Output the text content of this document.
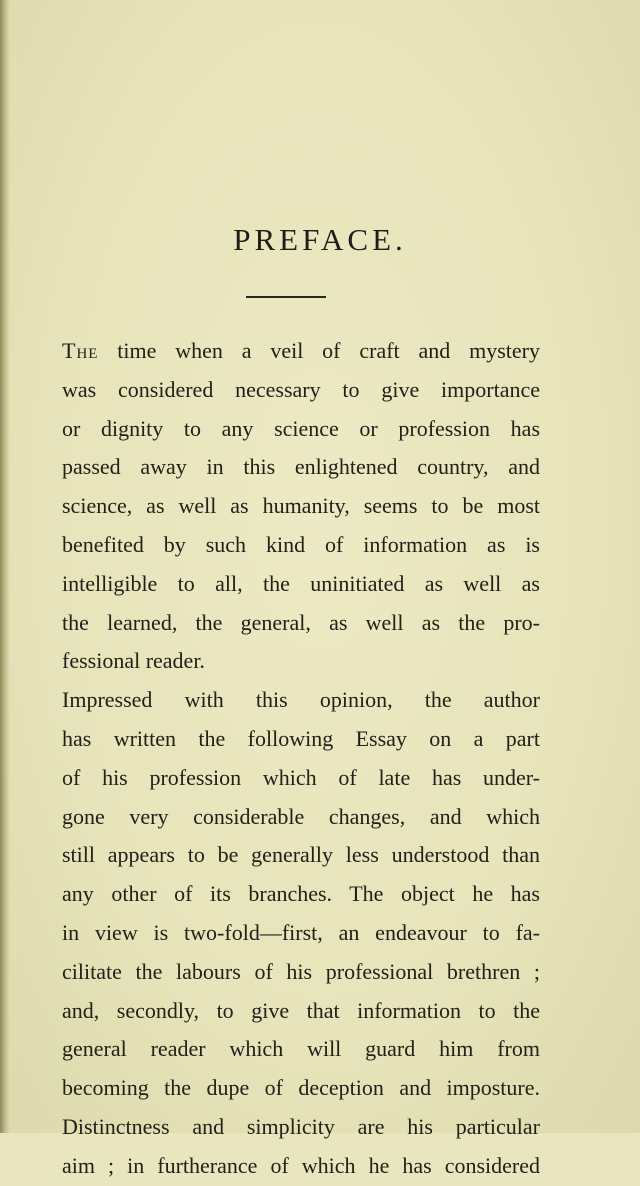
PREFACE.
The time when a veil of craft and mystery
was considered necessary to give importance
or dignity to any science or profession has
passed away in this enlightened country, and
science, as well as humanity, seems to be most
benefited by such kind of information as is
intelligible to all, the uninitiated as well as
the learned, the general, as well as the pro-
fessional reader.
Impressed with this opinion, the author
has written the following Essay on a part
of his profession which of late has under-
gone very considerable changes, and which
still appears to be generally less understood than
any other of its branches. The object he has
in view is two-fold—first, an endeavour to fa-
cilitate the labours of his professional brethren ;
and, secondly, to give that information to the
general reader which will guard him from
becoming the dupe of deception and imposture.
Distinctness and simplicity are his particular
aim ; in furtherance of which he has considered
